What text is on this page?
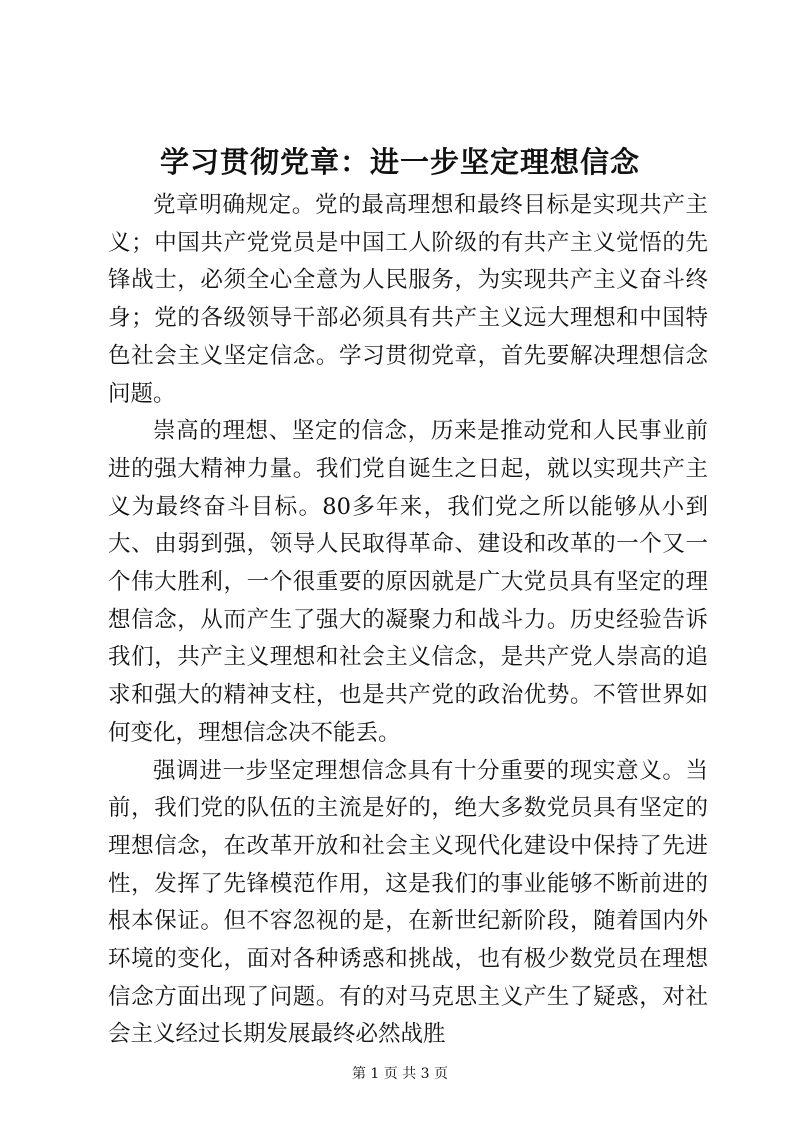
学习贯彻党章：进一步坚定理想信念

党章明确规定。党的最高理想和最终目标是实现共产主义；中国共产党党员是中国工人阶级的有共产主义觉悟的先锋战士，必须全心全意为人民服务，为实现共产主义奋斗终身；党的各级领导干部必须具有共产主义远大理想和中国特色社会主义坚定信念。学习贯彻党章，首先要解决理想信念问题。

崇高的理想、坚定的信念，历来是推动党和人民事业前进的强大精神力量。我们党自诞生之日起，就以实现共产主义为最终奋斗目标。80多年来，我们党之所以能够从小到大、由弱到强，领导人民取得革命、建设和改革的一个又一个伟大胜利，一个很重要的原因就是广大党员具有坚定的理想信念，从而产生了强大的凝聚力和战斗力。历史经验告诉我们，共产主义理想和社会主义信念，是共产党人崇高的追求和强大的精神支柱，也是共产党的政治优势。不管世界如何变化，理想信念决不能丢。

强调进一步坚定理想信念具有十分重要的现实意义。当前，我们党的队伍的主流是好的，绝大多数党员具有坚定的理想信念，在改革开放和社会主义现代化建设中保持了先进性，发挥了先锋模范作用，这是我们的事业能够不断前进的根本保证。但不容忽视的是，在新世纪新阶段，随着国内外环境的变化，面对各种诱惑和挑战，也有极少数党员在理想信念方面出现了问题。有的对马克思主义产生了疑惑，对社会主义经过长期发展最终必然战胜

第 1 页 共 3 页
